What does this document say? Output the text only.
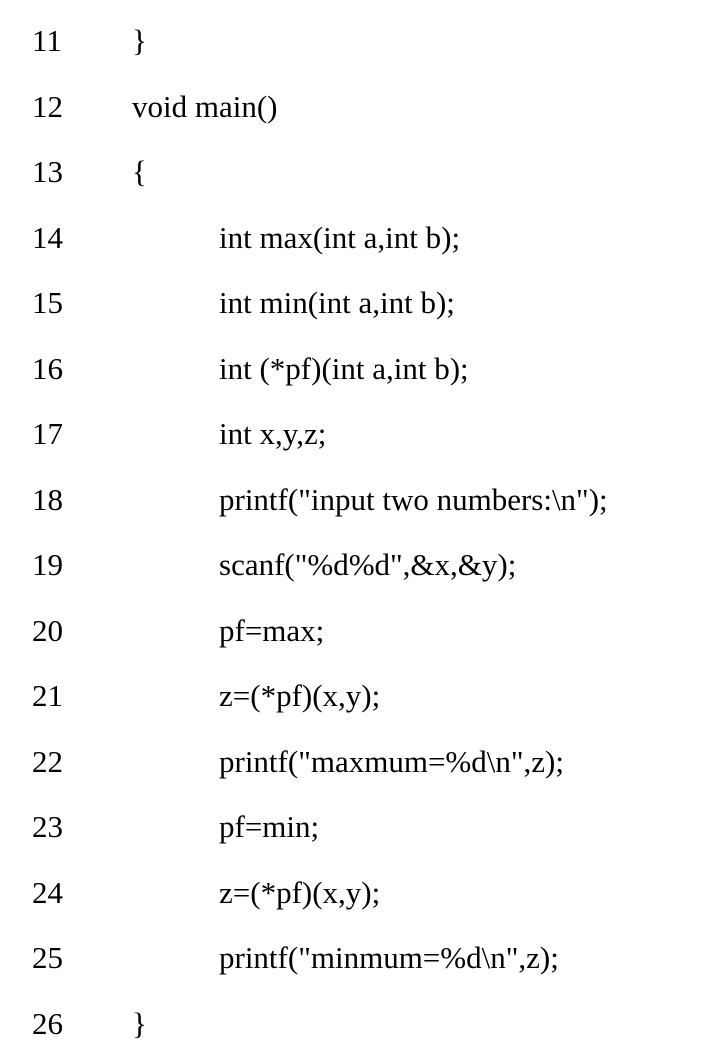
11 }
12 void main()
13 {
14	int max(int a,int b);
15	int min(int a,int b);
16	int (*pf)(int a,int b);
17	int x,y,z;
18	printf("input two numbers:\n");
19	scanf("%d%d",&x,&y);
20	pf=max;
21	z=(*pf)(x,y);
22	printf("maxmum=%d\n",z);
23	pf=min;
24	z=(*pf)(x,y);
25	printf("minmum=%d\n",z);
26 }
